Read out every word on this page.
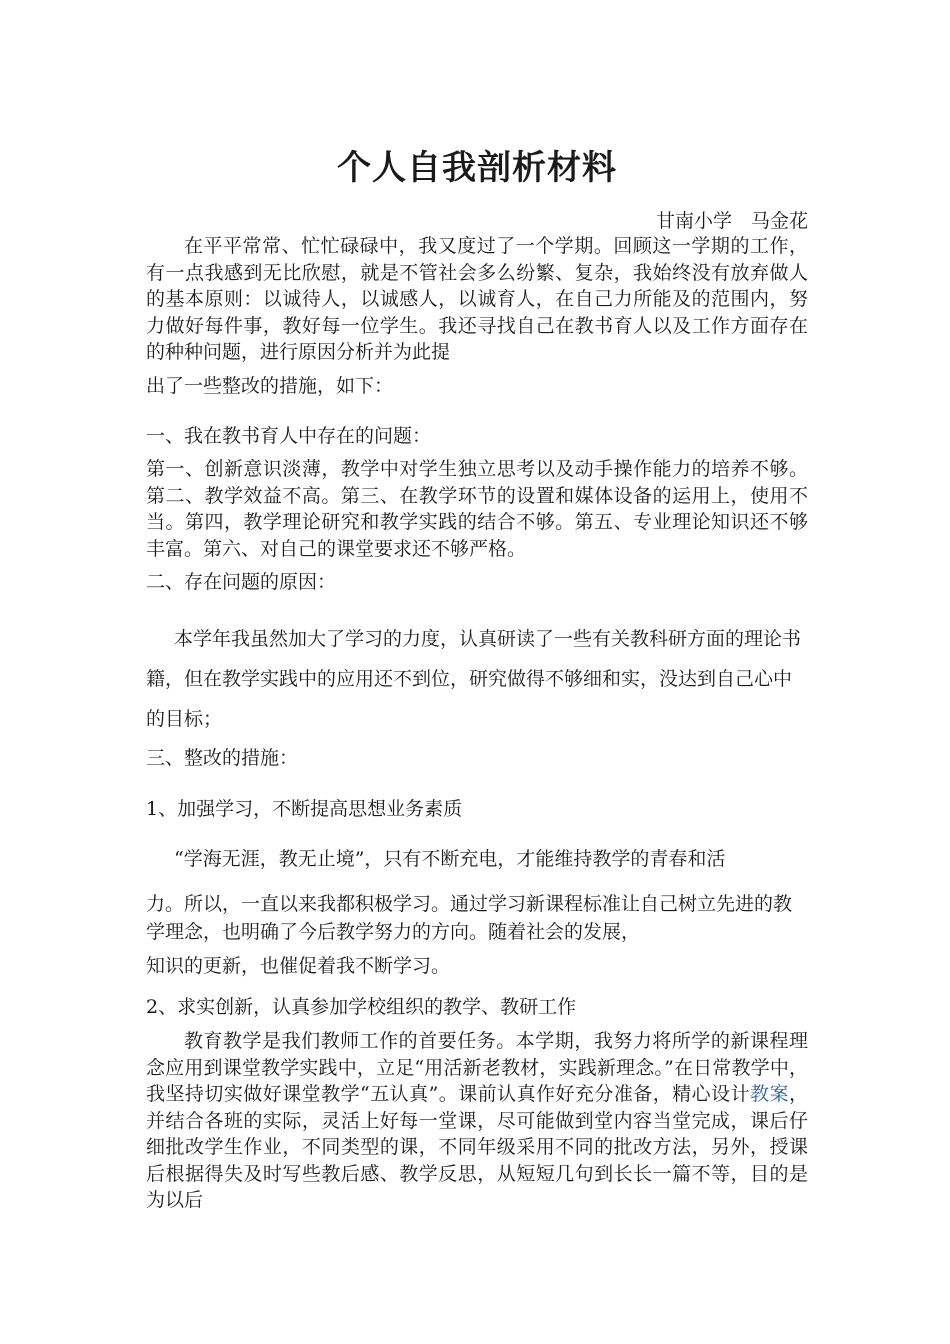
个人自我剖析材料
甘南小学　马金花
在平平常常、忙忙碌碌中，我又度过了一个学期。回顾这一学期的工作，有一点我感到无比欣慰，就是不管社会多么纷繁、复杂，我始终没有放弃做人的基本原则：以诚待人，以诚感人，以诚育人，在自己力所能及的范围内，努力做好每件事，教好每一位学生。我还寻找自己在教书育人以及工作方面存在的种种问题，进行原因分析并为此提
出了一些整改的措施，如下：
一、我在教书育人中存在的问题：
第一、创新意识淡薄，教学中对学生独立思考以及动手操作能力的培养不够。第二、教学效益不高。第三、在教学环节的设置和媒体设备的运用上，使用不当。第四，教学理论研究和教学实践的结合不够。第五、专业理论知识还不够丰富。第六、对自己的课堂要求还不够严格。
二、存在问题的原因：
本学年我虽然加大了学习的力度，认真研读了一些有关教科研方面的理论书籍，但在教学实践中的应用还不到位，研究做得不够细和实，没达到自己心中的目标；
三、整改的措施：
1、加强学习，不断提高思想业务素质
“学海无涯，教无止境”，只有不断充电，才能维持教学的青春和活
力。所以，一直以来我都积极学习。通过学习新课程标准让自己树立先进的教学理念，也明确了今后教学努力的方向。随着社会的发展，
知识的更新，也催促着我不断学习。
2、求实创新，认真参加学校组织的教学、教研工作
教育教学是我们教师工作的首要任务。本学期，我努力将所学的新课程理念应用到课堂教学实践中，立足“用活新老教材，实践新理念。”在日常教学中，我坚持切实做好课堂教学“五认真”。课前认真作好充分准备，精心设计教案，并结合各班的实际，灵活上好每一堂课，尽可能做到堂内容当堂完成，课后仔细批改学生作业，不同类型的课，不同年级采用不同的批改方法，另外，授课后根据得失及时写些教后感、教学反思，从短短几句到长长一篇不等，目的是为以后
